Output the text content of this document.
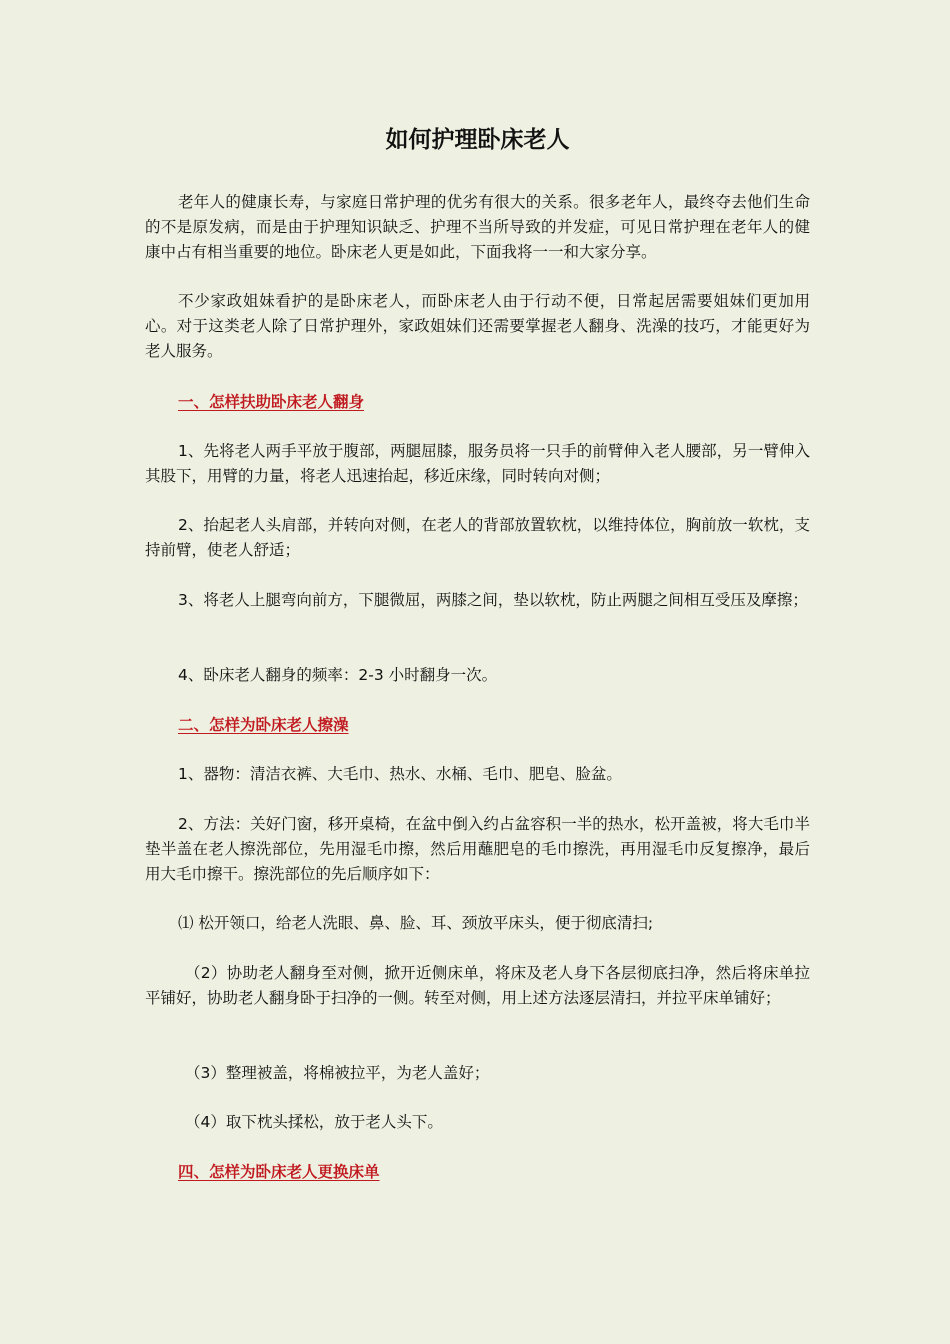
如何护理卧床老人

老年人的健康长寿，与家庭日常护理的优劣有很大的关系。很多老年人，最终夺去他们生命的不是原发病，而是由于护理知识缺乏、护理不当所导致的并发症，可见日常护理在老年人的健康中占有相当重要的地位。卧床老人更是如此，下面我将一一和大家分享。

不少家政姐妹看护的是卧床老人，而卧床老人由于行动不便，日常起居需要姐妹们更加用心。对于这类老人除了日常护理外，家政姐妹们还需要掌握老人翻身、洗澡的技巧，才能更好为老人服务。

一、怎样扶助卧床老人翻身

1、先将老人两手平放于腹部，两腿屈膝，服务员将一只手的前臂伸入老人腰部，另一臂伸入其股下，用臂的力量，将老人迅速抬起，移近床缘，同时转向对侧；

2、抬起老人头肩部，并转向对侧，在老人的背部放置软枕，以维持体位，胸前放一软枕，支持前臂，使老人舒适；

3、将老人上腿弯向前方，下腿微屈，两膝之间，垫以软枕，防止两腿之间相互受压及摩擦；

4、卧床老人翻身的频率：2-3 小时翻身一次。

二、怎样为卧床老人擦澡

1、器物：清洁衣裤、大毛巾、热水、水桶、毛巾、肥皂、脸盆。

2、方法：关好门窗，移开桌椅，在盆中倒入约占盆容积一半的热水，松开盖被，将大毛巾半垫半盖在老人擦洗部位，先用湿毛巾擦，然后用蘸肥皂的毛巾擦洗，再用湿毛巾反复擦净，最后用大毛巾擦干。擦洗部位的先后顺序如下：

⑴ 松开领口，给老人洗眼、鼻、脸、耳、颈放平床头，便于彻底清扫;

（2）协助老人翻身至对侧，掀开近侧床单，将床及老人身下各层彻底扫净，然后将床单拉平铺好，协助老人翻身卧于扫净的一侧。转至对侧，用上述方法逐层清扫，并拉平床单铺好；

（3）整理被盖，将棉被拉平，为老人盖好；

（4）取下枕头揉松，放于老人头下。

四、怎样为卧床老人更换床单
